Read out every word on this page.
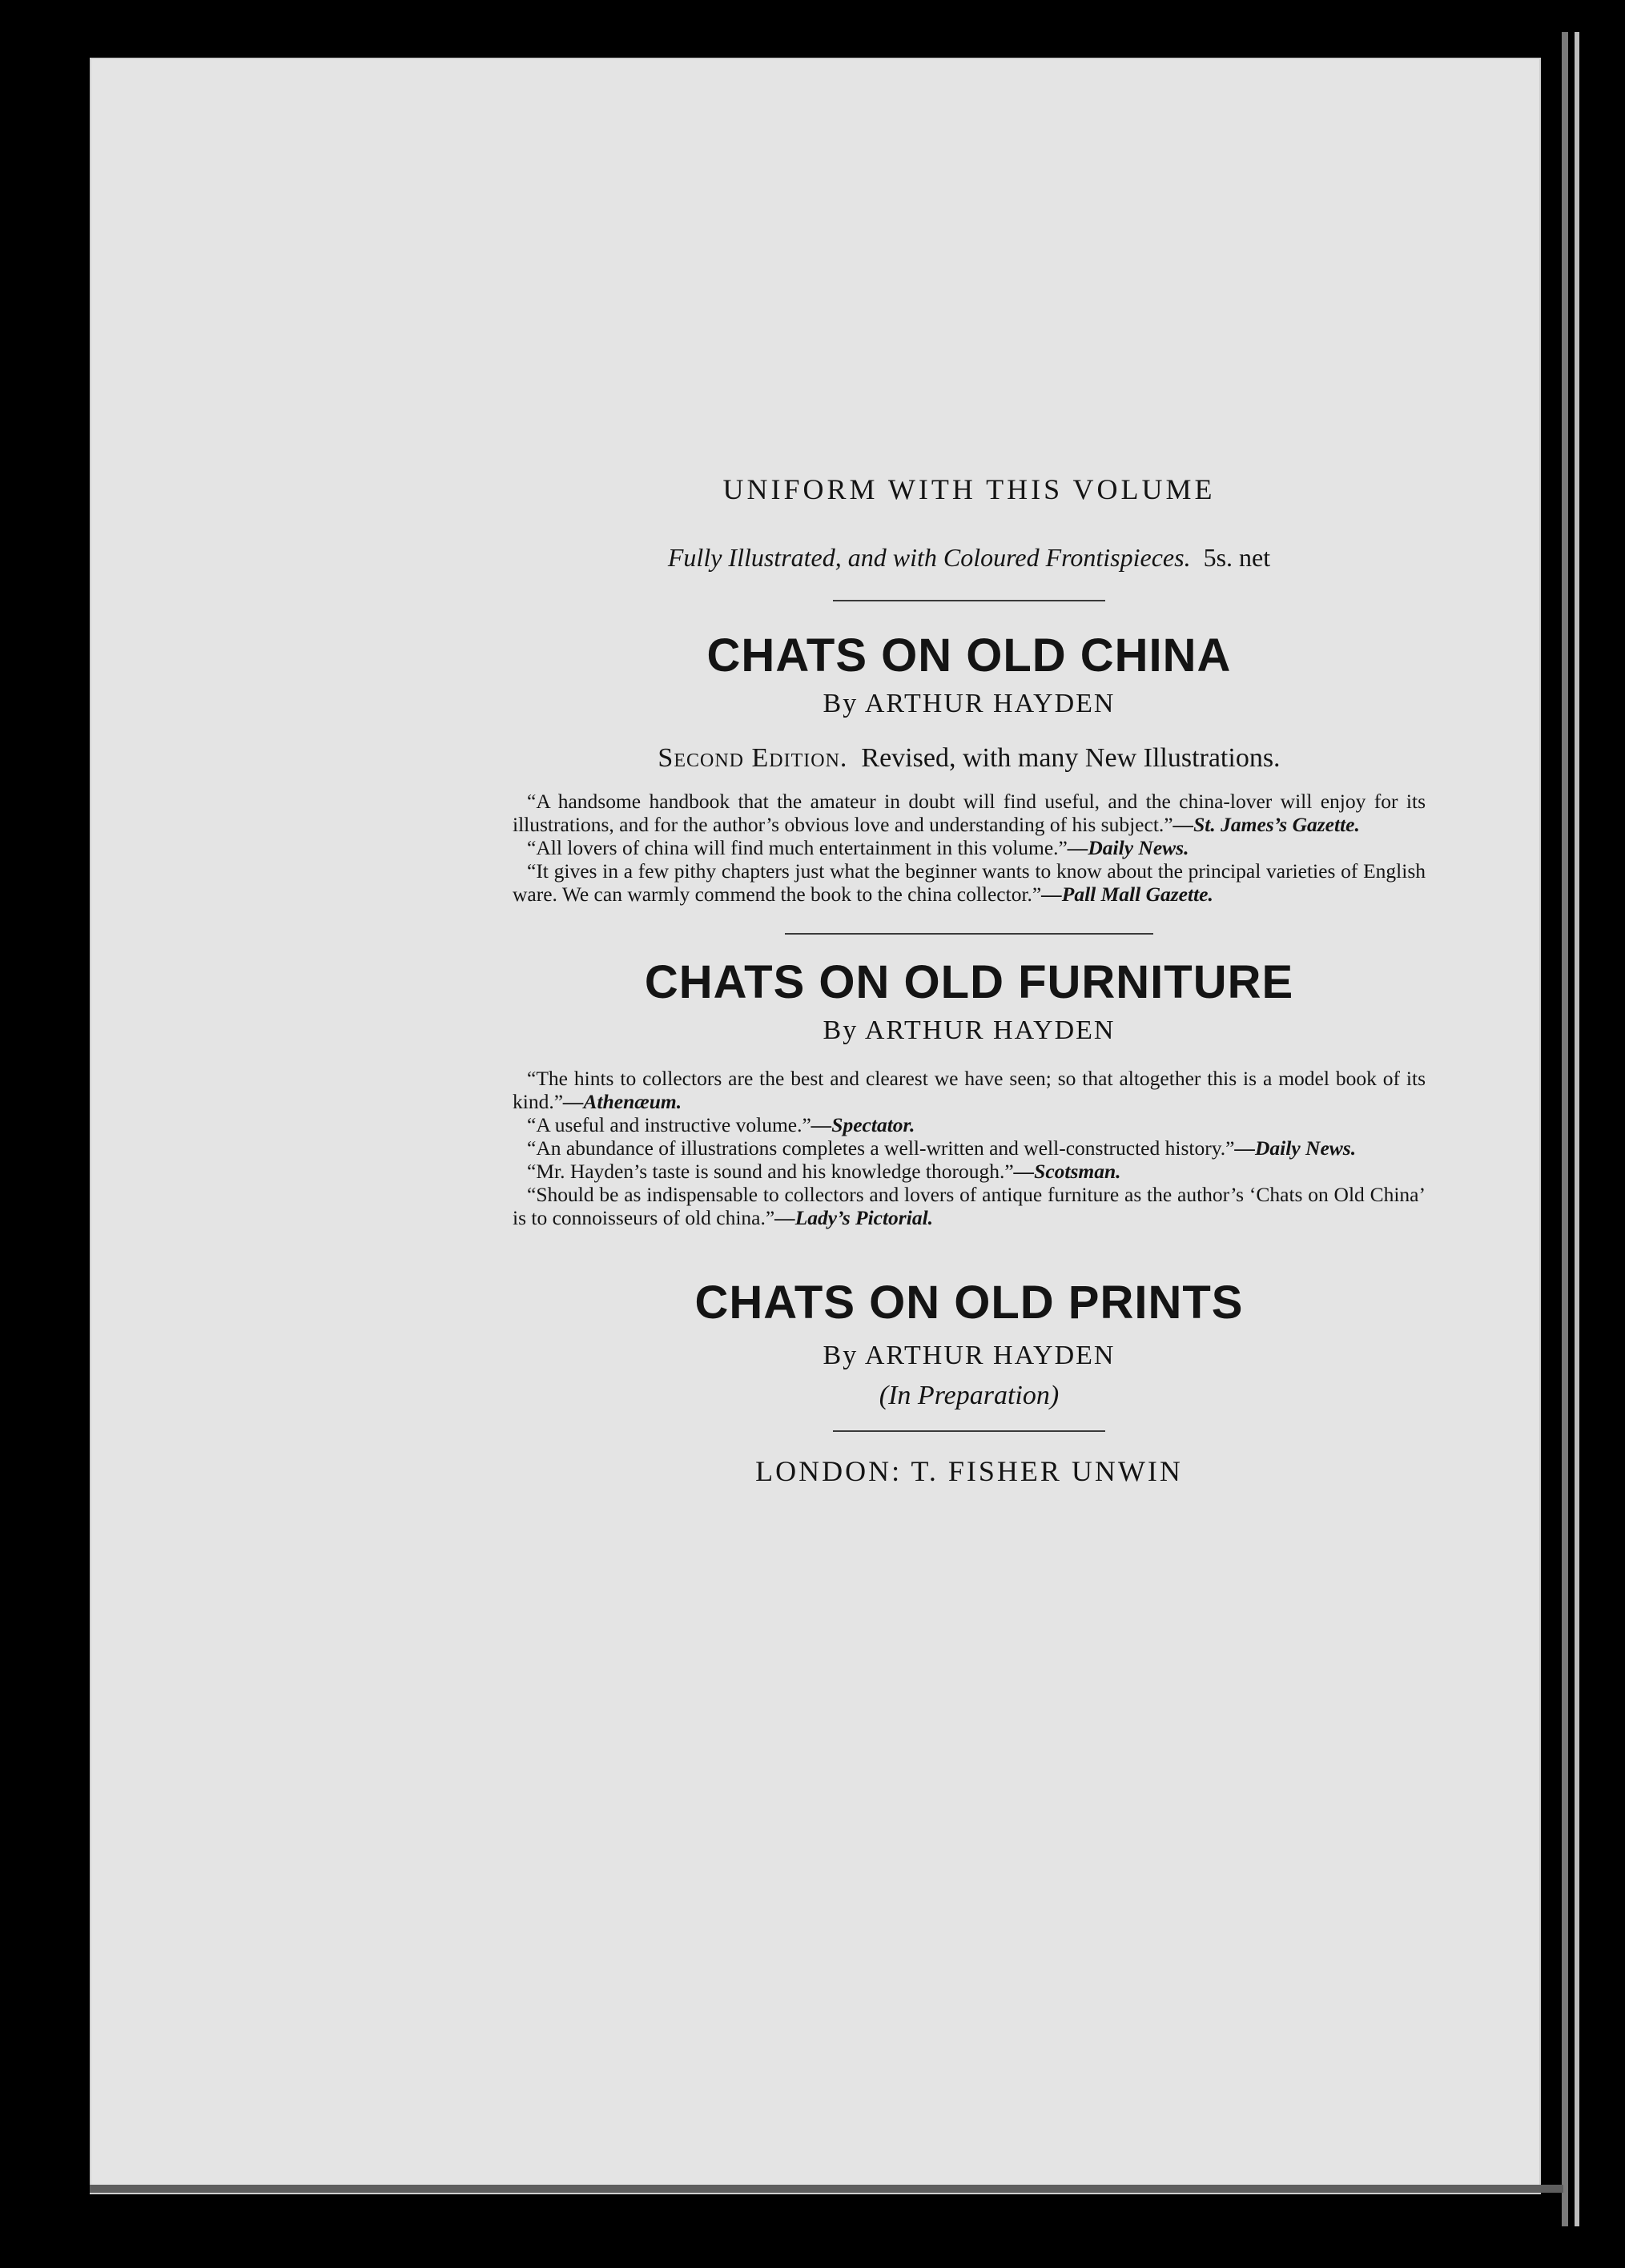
UNIFORM WITH THIS VOLUME

Fully Illustrated, and with Coloured Frontispieces. 5s. net

CHATS ON OLD CHINA

By ARTHUR HAYDEN

Second Edition. Revised, with many New Illustrations.

“A handsome handbook that the amateur in doubt will find useful, and the china-lover will enjoy for its illustrations, and for the author’s obvious love and understanding of his subject.”—St. James’s Gazette.

“All lovers of china will find much entertainment in this volume.”—Daily News.

“It gives in a few pithy chapters just what the beginner wants to know about the principal varieties of English ware. We can warmly commend the book to the china collector.”—Pall Mall Gazette.

CHATS ON OLD FURNITURE

By ARTHUR HAYDEN

“The hints to collectors are the best and clearest we have seen; so that altogether this is a model book of its kind.”—Athenæum.

“A useful and instructive volume.”—Spectator.

“An abundance of illustrations completes a well-written and well-constructed history.”—Daily News.

“Mr. Hayden’s taste is sound and his knowledge thorough.”—Scotsman.

“Should be as indispensable to collectors and lovers of antique furniture as the author’s ‘Chats on Old China’ is to connoisseurs of old china.”—Lady’s Pictorial.

CHATS ON OLD PRINTS

By ARTHUR HAYDEN

(In Preparation)

LONDON: T. FISHER UNWIN
